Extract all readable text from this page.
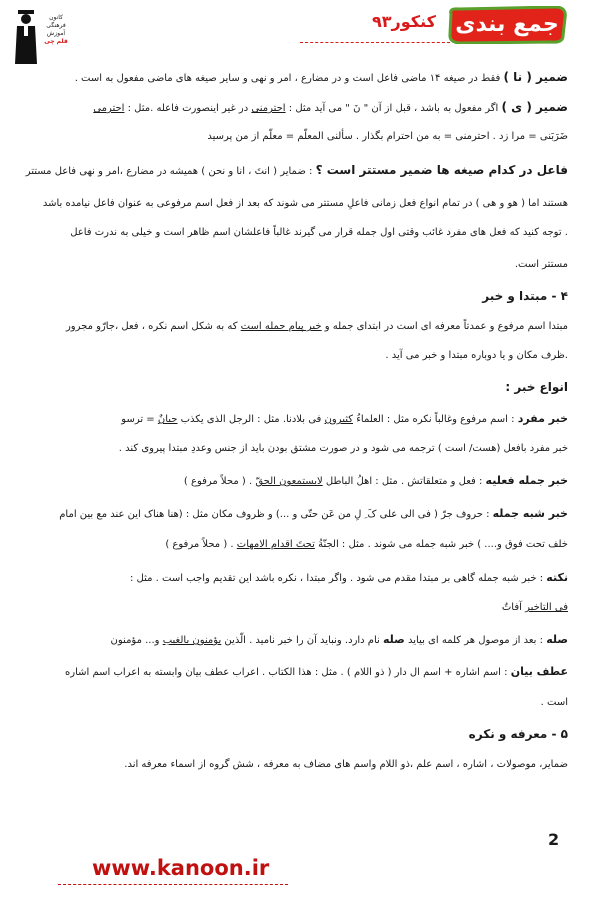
کانون
فرهنگی
آموزش
قلم چی
کنکور۹۳ جمع بندی
ضمیر ( نا ) فقط در صیغه ۱۴ ماضی فاعل است و در مضارع ، امر و نهی و سایر صیغه های ماضی مفعول به است .
ضمیر ( ی ) اگر مفعول به باشد ، قبل از آن " نَ " می آید مثل : احترمنی در غیر اینصورت فاعله .مثل : احترمی
ضَرَبَنی = مرا زد . احترمنی = به من احترام بگذار . سألنی المعلّم = معلّم از من پرسید
فاعل در کدام صیغه ها ضمیر مستتر است ؟ : ضمایر ( انتَ ، انا و نحن ) همیشه در مضارع ،امر و نهی فاعل مستتر
هستند اما ( هو و هی ) در تمام انواع فعل زمانی فاعلِ مستتر می شوند که بعد از فعل اسم مرفوعی به عنوان فاعل نیامده باشد
. توجه کنید که فعل های مفرد غائب وقتی اول جمله قرار می گیرند غالباً فاعلشان اسم ظاهر است و خیلی به ندرت فاعل
مستتر است.
۴ - مبتدا و خبر
مبتدا اسم مرفوع و عمدتاً معرفه ای است در ابتدای جمله و خبر پیام جمله است که به شکل اسم نکره ، فعل ،جارّو مجرور
.ظرف مکان و یا دوباره مبتدا و خبر می آید .
انواع خبر :
خبر مفرد : اسم مرفوع وغالباً نکره مثل : العلماءُ کثیرون فی بلادنا. مثل : الرجل الذی یکذب جبانٌ = ترسو
خبر مفرد بافعل (هست/ است ) ترجمه می شود و در صورت مشتق بودن باید از جنس وعددِ مبتدا پیروی کند .
خبر جمله فعلیه : فعل و متعلقاتش . مثل : اهلُ الباطل لایستمعون الحقّ . ( محلاً مرفوع )
خبر شبه جمله : حروف جرّ ( فی الی علی کَ ِ لِ من عَن حتّی و ...) و ظروف مکان مثل : (هنا هناک این عند مع بین امام
خلف تحت فوق و.... ) خبر شبه جمله می شوند . مثل : الجنّةُ تحتَ اقدام الامهات . ( محلاً مرفوع )
نکته : خبر شبه جمله گاهی بر مبتدا مقدم می شود . واگر مبتدا ، نکره باشد این تقدیم واجب است . مثل :
فی التاخیر آفاتٌ
صله : بعد از موصول هر کلمه ای بیاید صله نام دارد. ونباید آن را خبر نامید . الّذین یؤمنون بالغیب و... مؤمنون
عطف بیان : اسم اشاره + اسم ال دار ( ذو اللام ) . مثل : هذا الکتاب . اعراب عطف بیان وابسته به اعراب اسم اشاره
است .
۵ - معرفه و نکره
ضمایر، موصولات ، اشاره ، اسم علم ،ذو اللام واسم های مضاف به معرفه ، شش گروه از اسماء معرفه اند.
2
www.kanoon.ir
